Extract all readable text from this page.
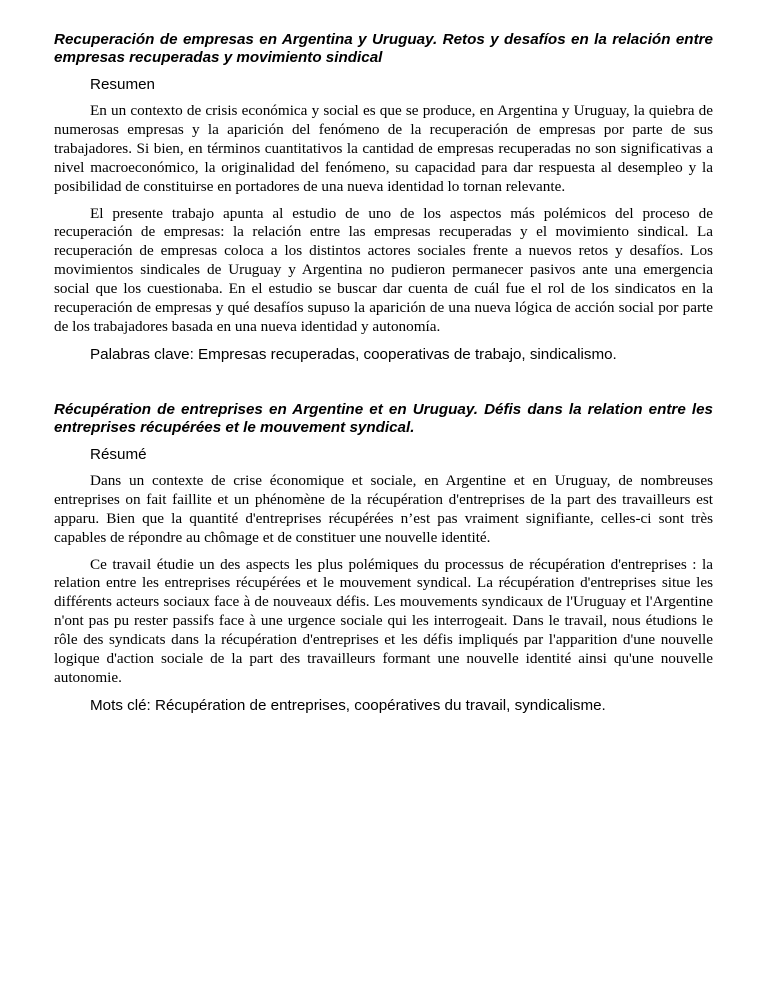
Recuperación de empresas en Argentina y Uruguay. Retos y desafíos en la relación entre empresas recuperadas y movimiento sindical

Resumen

En un contexto de crisis económica y social es que se produce, en Argentina y Uruguay, la quiebra de numerosas empresas y la aparición del fenómeno de la recuperación de empresas por parte de sus trabajadores. Si bien, en términos cuantitativos la cantidad de empresas recuperadas no son significativas a nivel macroeconómico, la originalidad del fenómeno, su capacidad para dar respuesta al desempleo y la posibilidad de constituirse en portadores de una nueva identidad lo tornan relevante.

El presente trabajo apunta al estudio de uno de los aspectos más polémicos del proceso de recuperación de empresas: la relación entre las empresas recuperadas y el movimiento sindical. La recuperación de empresas coloca a los distintos actores sociales frente a nuevos retos y desafíos. Los movimientos sindicales de Uruguay y Argentina no pudieron permanecer pasivos ante una emergencia social que los cuestionaba. En el estudio se buscar dar cuenta de cuál fue el rol de los sindicatos en la recuperación de empresas y qué desafíos supuso la aparición de una nueva lógica de acción social por parte de los trabajadores basada en una nueva identidad y autonomía.

Palabras clave: Empresas recuperadas, cooperativas de trabajo, sindicalismo.

Récupération de entreprises en Argentine et en Uruguay. Défis dans la relation entre les entreprises récupérées et le mouvement syndical.

Résumé

Dans un contexte de crise économique et sociale, en Argentine et en Uruguay, de nombreuses entreprises on fait faillite et un phénomène de la récupération d'entreprises de la part des travailleurs est apparu. Bien que la quantité d'entreprises récupérées n’est pas vraiment signifiante, celles-ci sont très capables de répondre au chômage et de constituer une nouvelle identité.

Ce travail étudie un des aspects les plus polémiques du processus de récupération d'entreprises : la relation entre les entreprises récupérées et le mouvement syndical. La récupération d'entreprises situe les différents acteurs sociaux face à de nouveaux défis. Les mouvements syndicaux de l'Uruguay et l'Argentine n'ont pas pu rester passifs face à une urgence sociale qui les interrogeait. Dans le travail, nous étudions le rôle des syndicats dans la récupération d'entreprises et les défis impliqués par l'apparition d'une nouvelle logique d'action sociale de la part des travailleurs formant une nouvelle identité ainsi qu'une nouvelle autonomie.

Mots clé: Récupération de entreprises, coopératives du travail, syndicalisme.
